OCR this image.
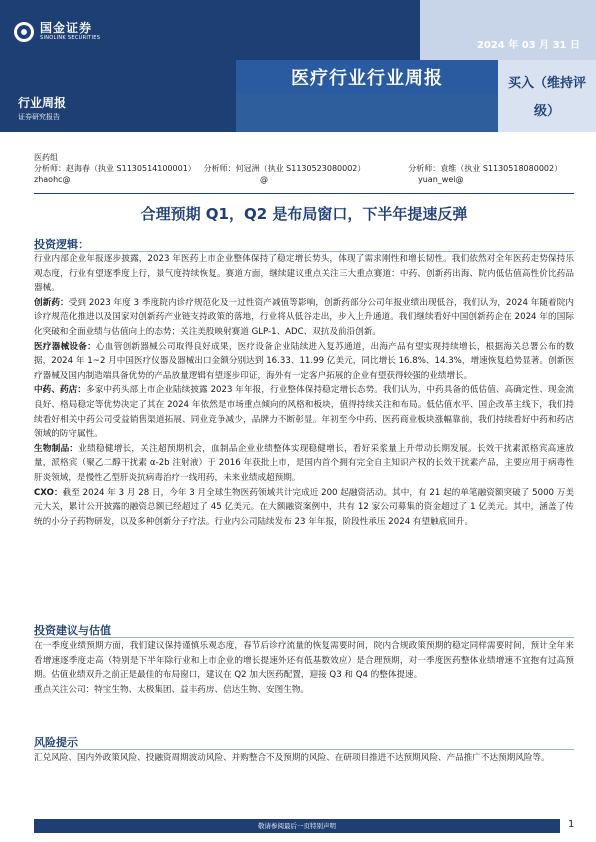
国金证券
SINOLINK SECURITIES
2024 年 03 月 31 日
医疗行业行业周报	买入（维持评级）
行业周报
证券研究报告
医药组
分析师：赵海春（执业 S1130514100001） 分析师：何冠洲（执业 S1130523080002）	分析师：袁维（执业 S1130518080002）
zhaohc@	@	yuan_wei@
合理预期 Q1，Q2 是布局窗口，下半年提速反弹
投资逻辑：

行业内部企业年报逐步披露，2023 年医药上市企业整体保持了稳定增长势头，体现了需求刚性和增长韧性。我们依然对全年医药走势保持乐观态度，行业有望逐季度上行，景气度持续恢复。赛道方面，继续建议重点关注三大重点赛道：中药、创新药出海、院内低估值高性价比药品器械。

创新药：受到 2023 年度 3 季度院内诊疗规范化及一过性资产减值等影响，创新药部分公司年报业绩出现低谷，我们认为，2024 年随着院内诊疗规范化推进以及国家对创新药产业链支持政策的落地，行业将从低谷走出，步入上升通道。我们继续看好中国创新药企在 2024 年的国际化突破和全面业绩与估值向上的态势；关注美股映射赛道 GLP-1、ADC、双抗及前沿创新。

医疗器械设备：心血管创新器械公司取得良好成果，医疗设备企业陆续进入复苏通道，出海产品有望实现持续增长，根据海关总署公布的数据，2024 年 1~2 月中国医疗仪器及器械出口金额分别达到 16.33、11.99 亿美元，同比增长 16.8%、14.3%，增速恢复趋势显著。创新医疗器械及国内制造端具备优势的产品放量逻辑有望逐步印证，海外有一定客户拓展的企业有望获得较强的业绩增长。

中药、药店：多家中药头部上市企业陆续披露 2023 年年报，行业整体保持稳定增长态势。我们认为，中药具备的低估值、高确定性、现金流良好、格局稳定等优势决定了其在 2024 年依然是市场重点倾向的风格和板块，值得持续关注和布局。低估值水平、国企改革主线下，我们持续看好相关中药公司受益销售渠道拓展、同业竞争减少，品牌力不断彰显。年初至今中药、医药商业板块涨幅靠前，我们持续看好中药和药店领域的防守属性。

生物制品：业绩稳健增长，关注超预期机会，血制品企业业绩整体实现稳健增长，看好采浆量上升带动长期发展。长效干扰素派格宾高速放量，派格宾（聚乙二醇干扰素 α-2b 注射液）于 2016 年获批上市，是国内首个拥有完全自主知识产权的长效干扰素产品，主要应用于病毒性肝炎领域，是慢性乙型肝炎抗病毒治疗一线用药，未来业绩成超预期。

CXO：截至 2024 年 3 月 28 日，今年 3 月全球生物医药领域共计完成近 200 起融资活动。其中，有 21 起的单笔融资额突破了 5000 万美元大关，累计公开披露的融资总额已经超过了 45 亿美元。在大额融资案例中，共有 12 家公司募集的资金超过了 1 亿美元。其中，涵盖了传统的小分子药物研发，以及多种创新分子疗法。行业内公司陆续发布 23 年年报，阶段性承压 2024 有望触底回升。

投资建议与估值

在一季度业绩预期方面，我们建议保持谨慎乐观态度，春节后诊疗流量的恢复需要时间，院内合规政策预期的稳定同样需要时间，预计全年来看增速逐季度走高（特别是下半年除行业和上市企业的增长提速外还有低基数效应）是合理预期，对一季度医药整体业绩增速不宜抱有过高预期。估值业绩双升之前正是最佳的布局窗口，建议在 Q2 加大医药配置，迎接 Q3 和 Q4 的整体提速。

重点关注公司：特宝生物、太极集团、益丰药房、信达生物、安图生物。

风险提示

汇兑风险、国内外政策风险、投融资周期波动风险、并购整合不及预期的风险、在研项目推进不达预期风险、产品推广不达预期风险等。

敬请参阅最后一页特别声明	1
